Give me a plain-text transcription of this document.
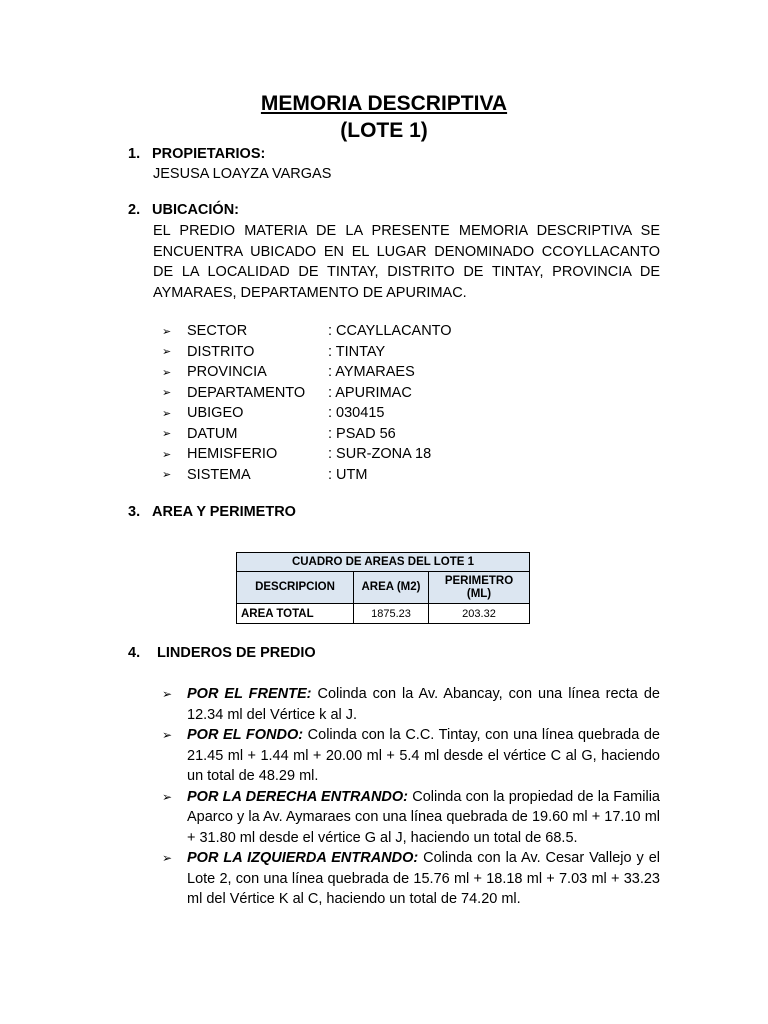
MEMORIA DESCRIPTIVA
(LOTE 1)
1. PROPIETARIOS:

JESUSA LOAYZA VARGAS

2. UBICACIÓN:

EL PREDIO MATERIA DE LA PRESENTE MEMORIA DESCRIPTIVA SE ENCUENTRA UBICADO EN EL LUGAR DENOMINADO CCOYLLACANTO DE LA LOCALIDAD DE TINTAY, DISTRITO DE TINTAY, PROVINCIA DE AYMARAES, DEPARTAMENTO DE APURIMAC.

➢	SECTOR	: CCAYLLACANTO
➢	DISTRITO	: TINTAY
➢	PROVINCIA	: AYMARAES
➢	DEPARTAMENTO	: APURIMAC
➢	UBIGEO	: 030415
➢	DATUM	: PSAD 56
➢	HEMISFERIO	: SUR-ZONA 18
➢	SISTEMA	: UTM
3. AREA Y PERIMETRO
CUADRO DE AREAS DEL LOTE 1		
DESCRIPCION	AREA (M2)	PERIMETRO (ML)
AREA TOTAL	1875.23	203.32
4. LINDEROS DE PREDIO
➢ POR EL FRENTE: Colinda con la Av. Abancay, con una línea recta de 12.34 ml del Vértice k al J.
➢ POR EL FONDO: Colinda con la C.C. Tintay, con una línea quebrada de 21.45 ml + 1.44 ml + 20.00 ml + 5.4 ml desde el vértice C al G, haciendo un total de 48.29 ml.
➢ POR LA DERECHA ENTRANDO: Colinda con la propiedad de la Familia Aparco y la Av. Aymaraes con una línea quebrada de 19.60 ml + 17.10 ml + 31.80 ml desde el vértice G al J, haciendo un total de 68.5.
➢ POR LA IZQUIERDA ENTRANDO: Colinda con la Av. Cesar Vallejo y el Lote 2, con una línea quebrada de 15.76 ml + 18.18 ml + 7.03 ml + 33.23 ml del Vértice K al C, haciendo un total de 74.20 ml.
